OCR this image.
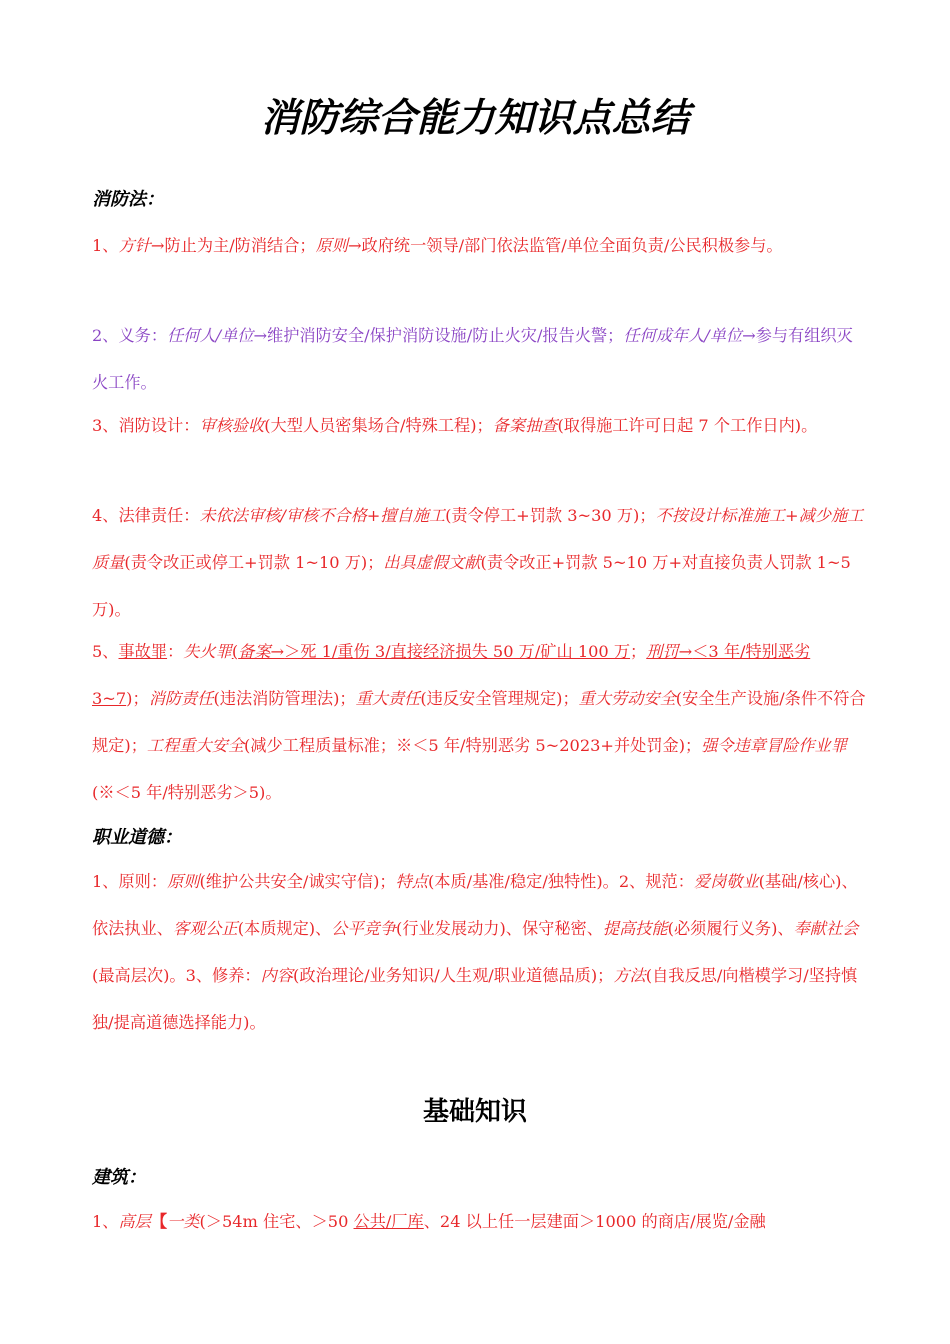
消防综合能力知识点总结
消防法：
1、方针→防止为主/防消结合；原则→政府统一领导/部门依法监管/单位全面负责/公民积极参与。
2、义务：任何人/单位→维护消防安全/保护消防设施/防止火灾/报告火警；任何成年人/单位→参与有组织灭火工作。
3、消防设计：审核验收(大型人员密集场合/特殊工程)；备案抽查(取得施工许可日起 7 个工作日内)。
4、法律责任：未依法审核/审核不合格+擅自施工(责令停工+罚款 3~30 万)；不按设计标准施工+减少施工质量(责令改正或停工+罚款 1~10 万)；出具虚假文献(责令改正+罚款 5~10 万+对直接负责人罚款 1~5 万)。
5、事故罪：失火罪(备案→＞死 1/重伤 3/直接经济损失 50 万/矿山 100 万；刑罚→＜3 年/特别恶劣 3~7)；消防责任(违法消防管理法)；重大责任(违反安全管理规定)；重大劳动安全(安全生产设施/条件不符合规定)；工程重大安全(减少工程质量标准；※＜5 年/特别恶劣 5~2023+并处罚金)；强令违章冒险作业罪(※＜5 年/特别恶劣＞5)。
职业道德：
1、原则：原则(维护公共安全/诚实守信)；特点(本质/基准/稳定/独特性)。2、规范：爱岗敬业(基础/核心)、依法执业、客观公正(本质规定)、公平竞争(行业发展动力)、保守秘密、提高技能(必须履行义务)、奉献社会(最高层次)。3、修养：内容(政治理论/业务知识/人生观/职业道德品质)；方法(自我反思/向楷模学习/坚持慎独/提高道德选择能力)。
基础知识
建筑：
1、高层【一类(＞54m 住宅、＞50 公共/厂库、24 以上任一层建面＞1000 的商店/展览/金融
